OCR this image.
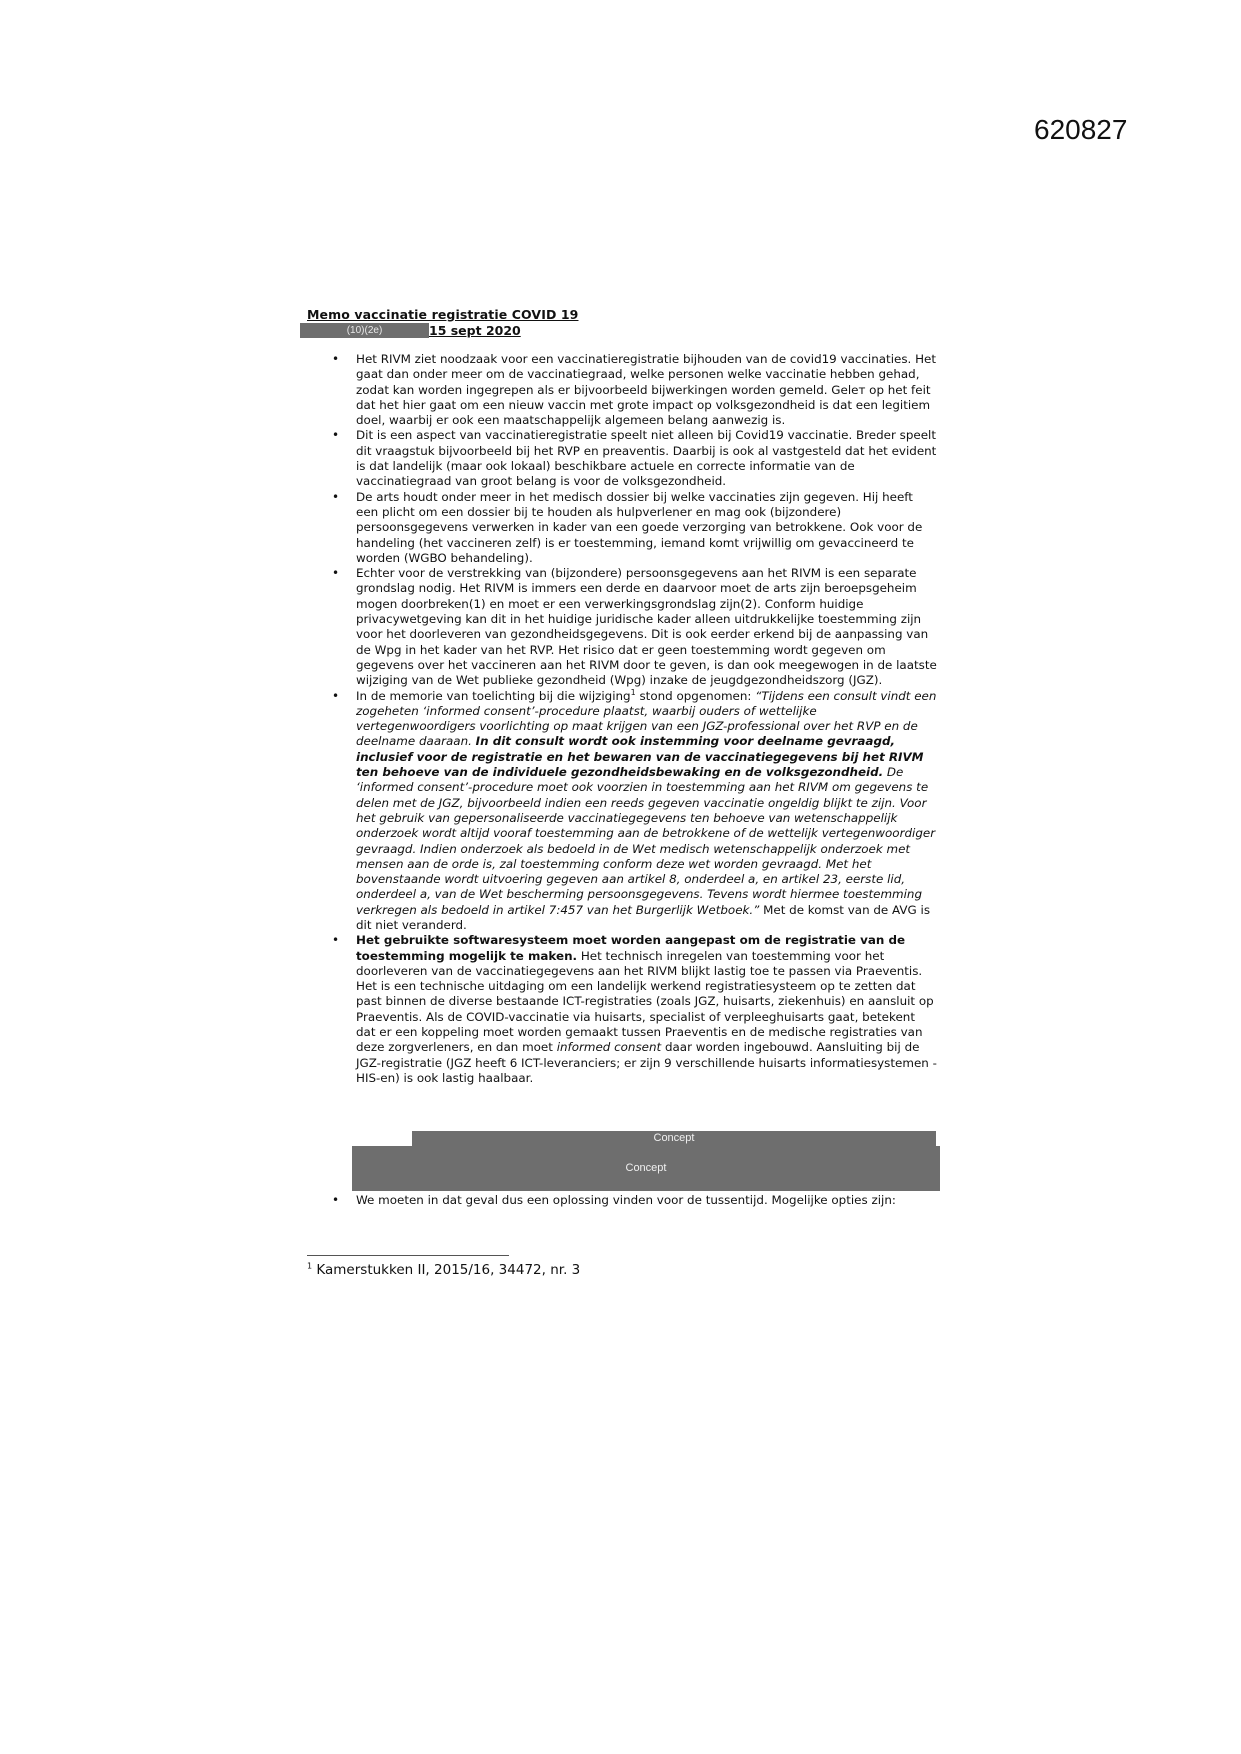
620827
Memo vaccinatie registratie COVID 19
(10)(2e)	15 sept 2020
• Het RIVM ziet noodzaak voor een vaccinatieregistratie bijhouden van de covid19 vaccinaties. Het gaat dan onder meer om de vaccinatiegraad, welke personen welke vaccinatie hebben gehad, zodat kan worden ingegrepen als er bijvoorbeeld bijwerkingen worden gemeld. Geleт op het feit dat het hier gaat om een nieuw vaccin met grote impact op volksgezondheid is dat een legitiem doel, waarbij er ook een maatschappelijk algemeen belang aanwezig is.
• Dit is een aspect van vaccinatieregistratie speelt niet alleen bij Covid19 vaccinatie. Breder speelt dit vraagstuk bijvoorbeeld bij het RVP en preaventis. Daarbij is ook al vastgesteld dat het evident is dat landelijk (maar ook lokaal) beschikbare actuele en correcte informatie van de vaccinatiegraad van groot belang is voor de volksgezondheid.
• De arts houdt onder meer in het medisch dossier bij welke vaccinaties zijn gegeven. Hij heeft een plicht om een dossier bij te houden als hulpverlener en mag ook (bijzondere) persoonsgegevens verwerken in kader van een goede verzorging van betrokkene. Ook voor de handeling (het vaccineren zelf) is er toestemming, iemand komt vrijwillig om gevaccineerd te worden (WGBO behandeling).
• Echter voor de verstrekking van (bijzondere) persoonsgegevens aan het RIVM is een separate grondslag nodig. Het RIVM is immers een derde en daarvoor moet de arts zijn beroepsgeheim mogen doorbreken(1) en moet er een verwerkingsgrondslag zijn(2). Conform huidige privacywetgeving kan dit in het huidige juridische kader alleen uitdrukkelijke toestemming zijn voor het doorleveren van gezondheidsgegevens. Dit is ook eerder erkend bij de aanpassing van de Wpg in het kader van het RVP. Het risico dat er geen toestemming wordt gegeven om gegevens over het vaccineren aan het RIVM door te geven, is dan ook meegewogen in de laatste wijziging van de Wet publieke gezondheid (Wpg) inzake de jeugdgezondheidszorg (JGZ).
• In de memorie van toelichting bij die wijziging$^1$ stond opgenomen: “Tijdens een consult vindt een zogeheten ‘informed consent’-procedure plaatst, waarbij ouders of wettelijke vertegenwoordigers voorlichting op maat krijgen van een JGZ-professional over het RVP en de deelname daaraan. In dit consult wordt ook instemming voor deelname gevraagd, inclusief voor de registratie en het bewaren van de vaccinatiegegevens bij het RIVM ten behoeve van de individuele gezondheidsbewaking en de volksgezondheid. De ‘informed consent’-procedure moet ook voorzien in toestemming aan het RIVM om gegevens te delen met de JGZ, bijvoorbeeld indien een reeds gegeven vaccinatie ongeldig blijkt te zijn. Voor het gebruik van gepersonaliseerde vaccinatiegegevens ten behoeve van wetenschappelijk onderzoek wordt altijd vooraf toestemming aan de betrokkene of de wettelijk vertegenwoordiger gevraagd. Indien onderzoek als bedoeld in de Wet medisch wetenschappelijk onderzoek met mensen aan de orde is, zal toestemming conform deze wet worden gevraagd. Met het bovenstaande wordt uitvoering gegeven aan artikel 8, onderdeel a, en artikel 23, eerste lid, onderdeel a, van de Wet bescherming persoonsgegevens. Tevens wordt hiermee toestemming verkregen als bedoeld in artikel 7:457 van het Burgerlijk Wetboek.” Met de komst van de AVG is dit niet veranderd.
• Het gebruikte softwaresysteem moet worden aangepast om de registratie van de toestemming mogelijk te maken. Het technisch inregelen van toestemming voor het doorleveren van de vaccinatiegegevens aan het RIVM blijkt lastig toe te passen via Praeventis. Het is een technische uitdaging om een landelijk werkend registratiesysteem op te zetten dat past binnen de diverse bestaande ICT-registraties (zoals JGZ, huisarts, ziekenhuis) en aansluit op Praeventis. Als de COVID-vaccinatie via huisarts, specialist of verpleeghuisarts gaat, betekent dat er een koppeling moet worden gemaakt tussen Praeventis en de medische registraties van deze zorgverleners, en dan moet informed consent daar worden ingebouwd. Aansluiting bij de JGZ-registratie (JGZ heeft 6 ICT-leveranciers; er zijn 9 verschillende huisarts informatiesystemen - HIS-en) is ook lastig haalbaar.
Concept
Concept
• We moeten in dat geval dus een oplossing vinden voor de tussentijd. Mogelijke opties zijn:
$^1$ Kamerstukken II, 2015/16, 34472, nr. 3
